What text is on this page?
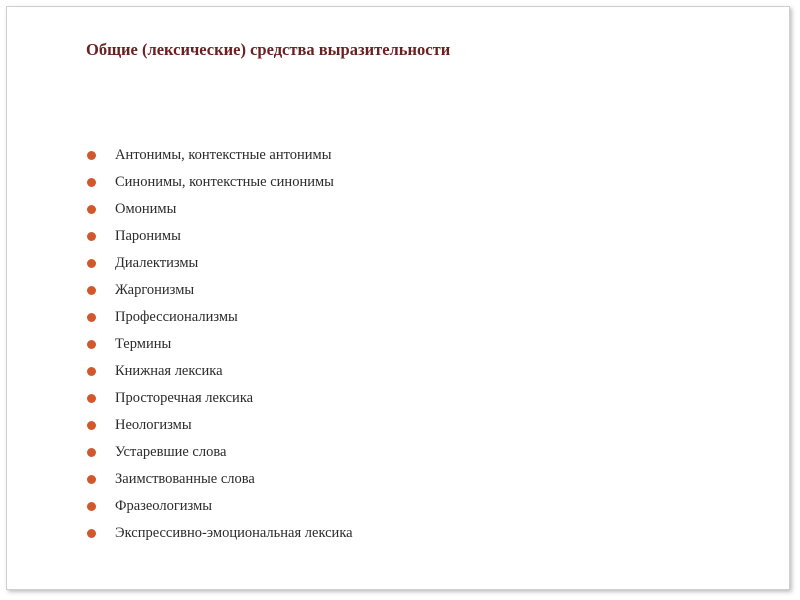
Общие (лексические) средства выразительности
Антонимы, контекстные антонимы
Синонимы, контекстные синонимы
Омонимы
Паронимы
Диалектизмы
Жаргонизмы
Профессионализмы
Термины
Книжная лексика
Просторечная лексика
Неологизмы
Устаревшие слова
Заимствованные слова
Фразеологизмы
Экспрессивно-эмоциональная лексика
